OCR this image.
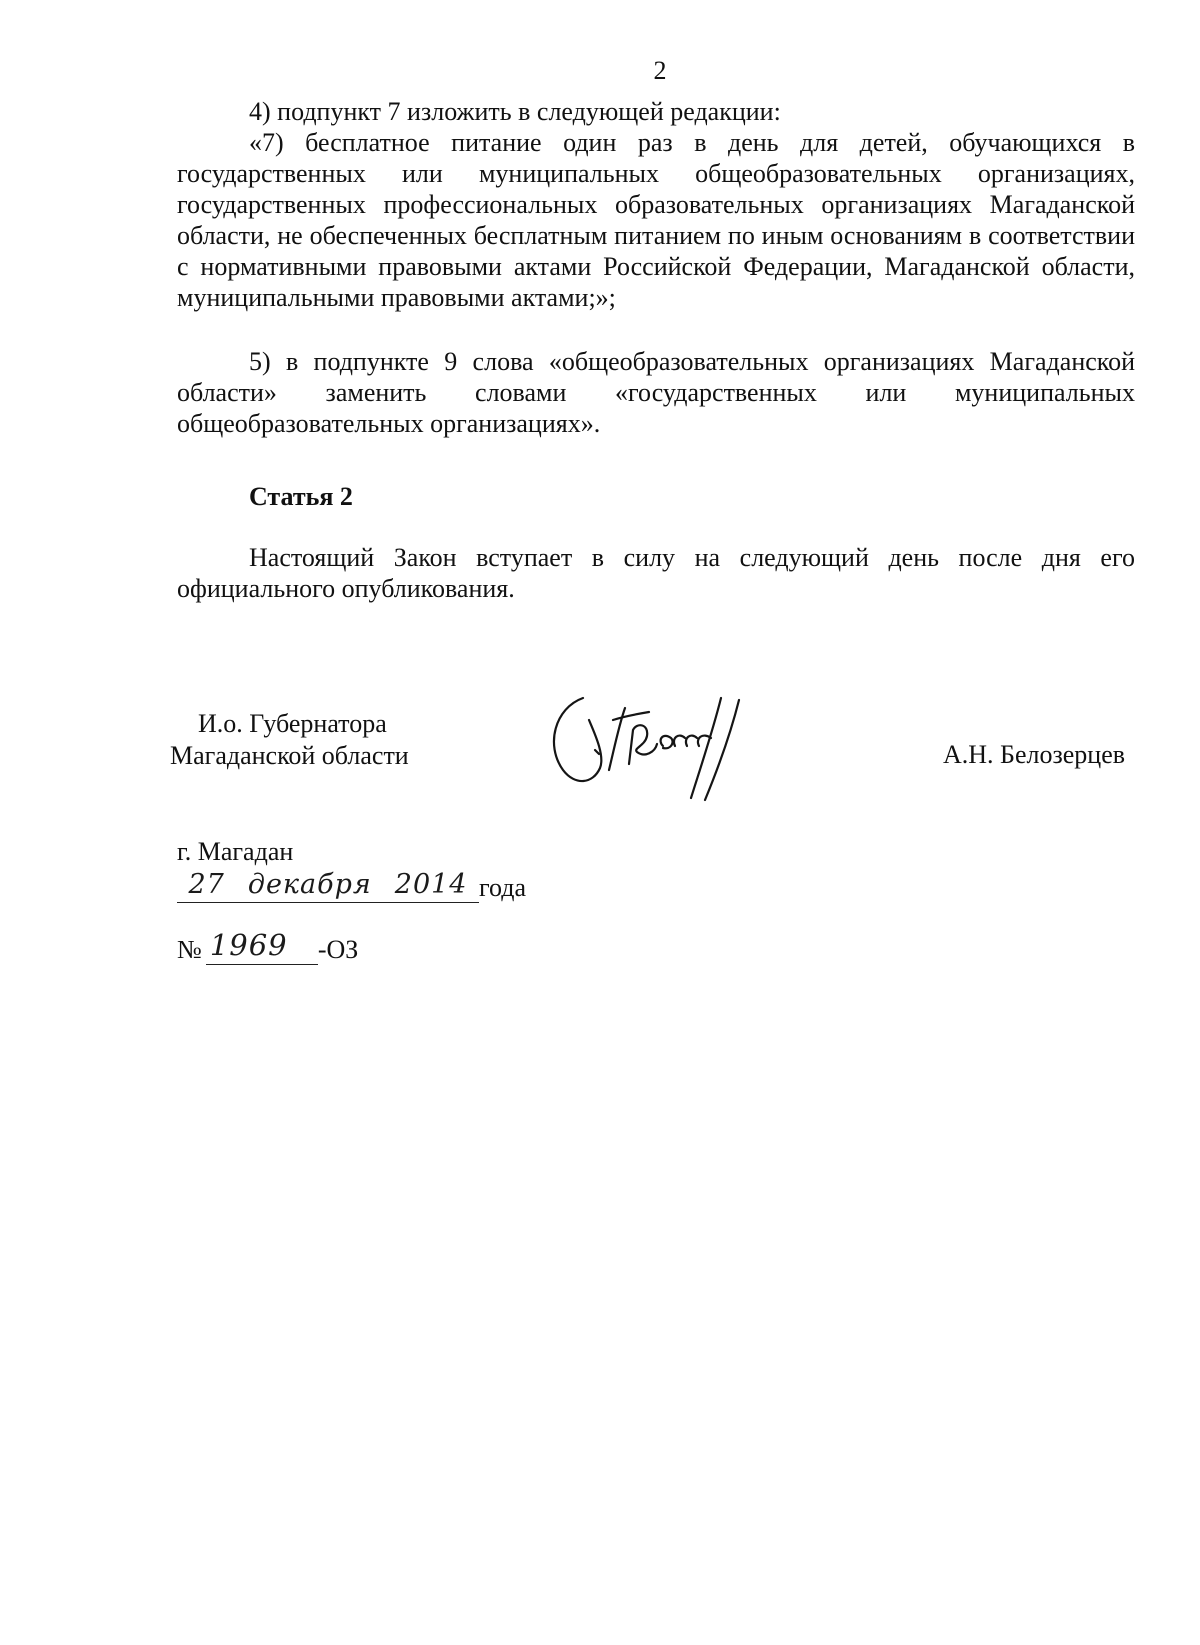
2

4) подпункт 7 изложить в следующей редакции:

«7) бесплатное питание один раз в день для детей, обучающихся в государственных или муниципальных общеобразовательных организациях, государственных профессиональных образовательных организациях Магаданской области, не обеспеченных бесплатным питанием по иным основаниям в соответствии с нормативными правовыми актами Российской Федерации, Магаданской области, муниципальными правовыми актами;»;

5) в подпункте 9 слова «общеобразовательных организациях Магаданской области» заменить словами «государственных или муниципальных общеобразовательных организациях».

Статья 2

Настоящий Закон вступает в силу на следующий день после дня его официального опубликования.

И.о. Губернатора
Магаданской области	А.Н. Белозерцев
г. Магадан
27 декабря 2014 года
№ 1969 -ОЗ
